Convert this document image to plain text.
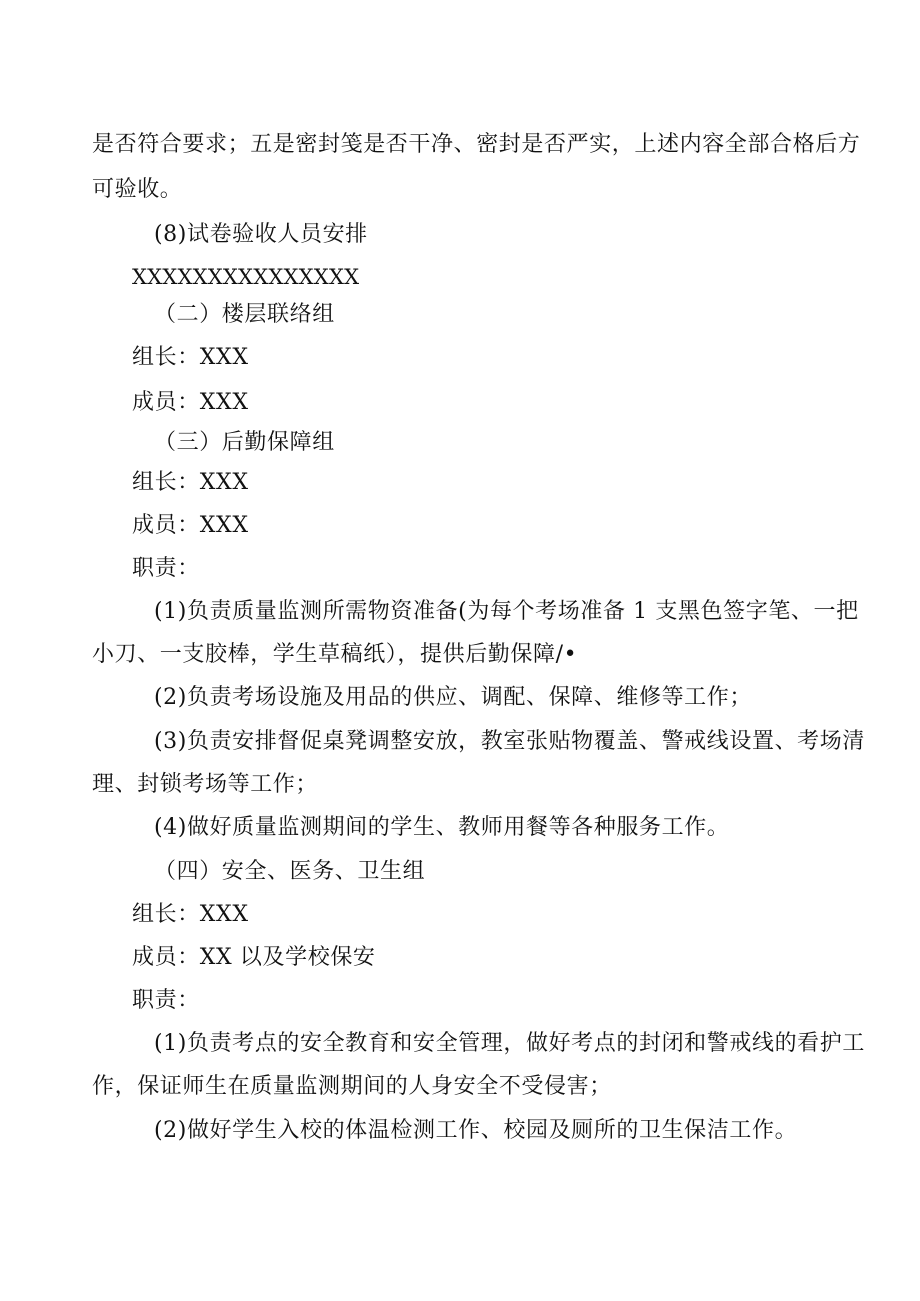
是否符合要求；五是密封笺是否干净、密封是否严实，上述内容全部合格后方
可验收。
(8)试卷验收人员安排
XXXXXXXXXXXXXXX
（二）楼层联络组
组长：XXX
成员：XXX
（三）后勤保障组
组长：XXX
成员：XXX
职责：
(1)负责质量监测所需物资准备(为每个考场准备 1 支黑色签字笔、一把
小刀、一支胶棒，学生草稿纸），提供后勤保障/•
(2)负责考场设施及用品的供应、调配、保障、维修等工作；
(3)负责安排督促桌凳调整安放，教室张贴物覆盖、警戒线设置、考场清
理、封锁考场等工作；
(4)做好质量监测期间的学生、教师用餐等各种服务工作。
（四）安全、医务、卫生组
组长：XXX
成员：XX 以及学校保安
职责：
(1)负责考点的安全教育和安全管理，做好考点的封闭和警戒线的看护工
作，保证师生在质量监测期间的人身安全不受侵害；
(2)做好学生入校的体温检测工作、校园及厕所的卫生保洁工作。
